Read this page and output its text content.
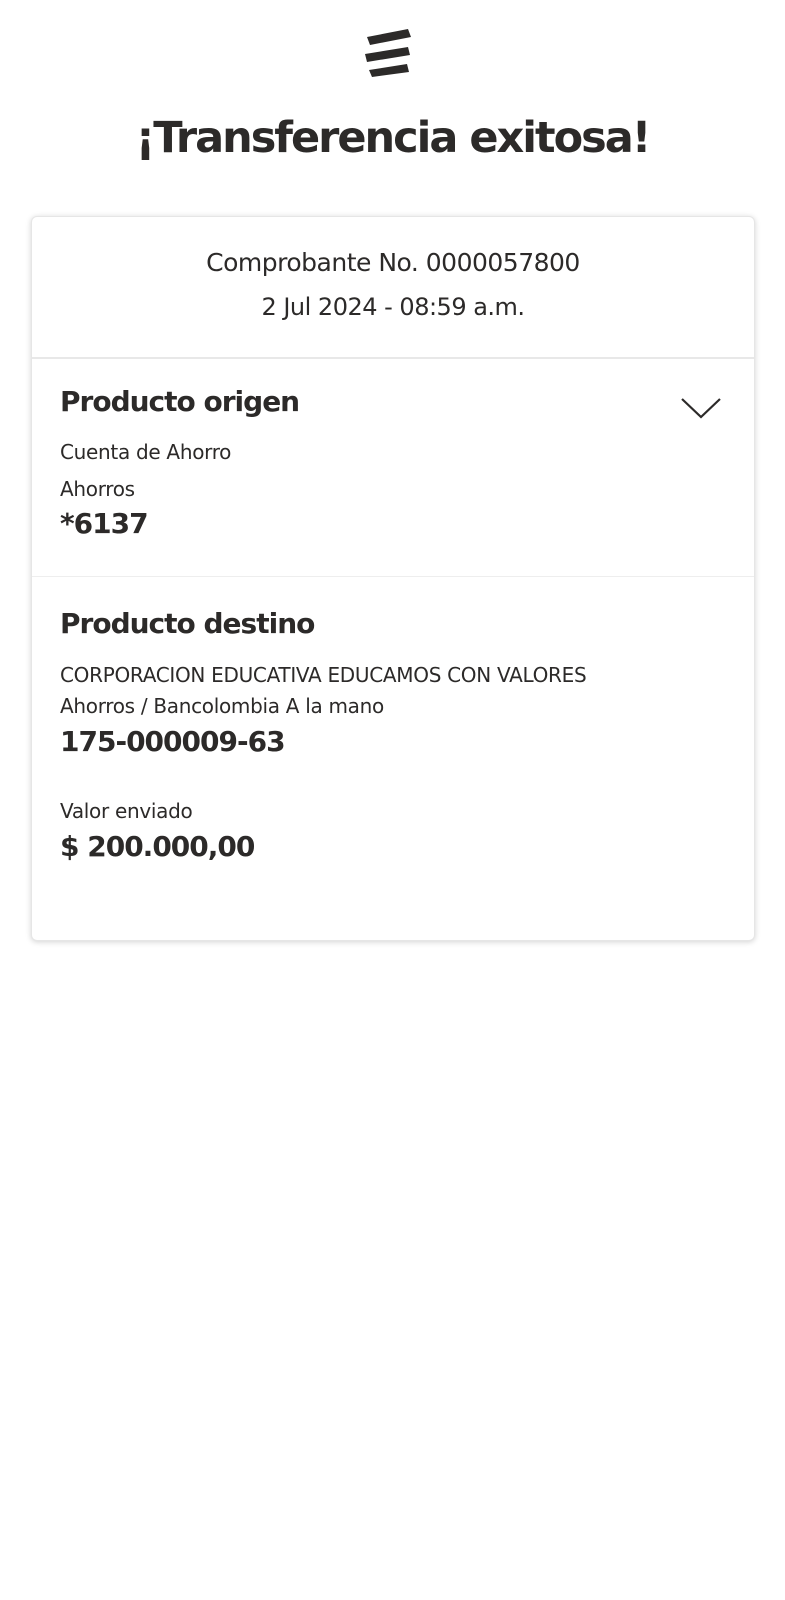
¡Transferencia exitosa!
Comprobante No. 0000057800
2 Jul 2024 - 08:59 a.m.
Producto origen
Cuenta de Ahorro
Ahorros
*6137
Producto destino
CORPORACION EDUCATIVA EDUCAMOS CON VALORES
Ahorros / Bancolombia A la mano
175-000009-63
Valor enviado
$ 200.000,00
